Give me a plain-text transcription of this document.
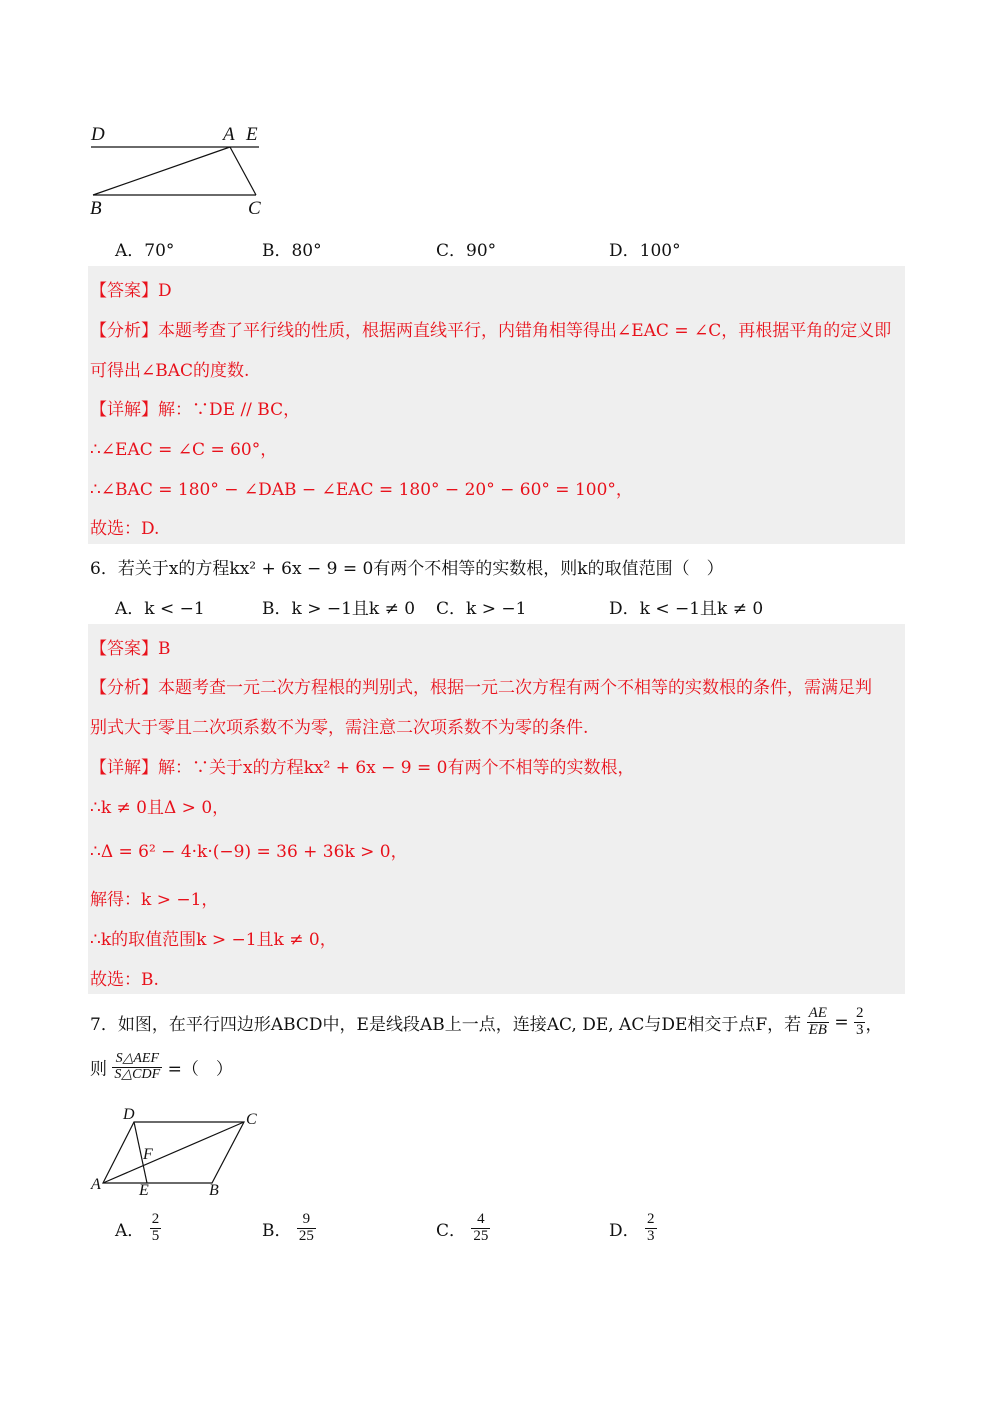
D	A E
B	C
A．70°	B．80°	C．90°	D．100°
【答案】D
【分析】本题考查了平行线的性质，根据两直线平行，内错角相等得出∠EAC = ∠C，再根据平角的定义即
可得出∠BAC的度数.
【详解】解：∵DE // BC，
∴∠EAC = ∠C = 60°，
∴∠BAC = 180° − ∠DAB − ∠EAC = 180° − 20° − 60° = 100°，
故选：D.
6．若关于x的方程kx² + 6x − 9 = 0有两个不相等的实数根，则k的取值范围（　）
A．k < −1	B．k > −1且k ≠ 0 C．k > −1	D．k < −1且k ≠ 0
【答案】B
【分析】本题考查一元二次方程根的判别式，根据一元二次方程有两个不相等的实数根的条件，需满足判
别式大于零且二次项系数不为零，需注意二次项系数不为零的条件.
【详解】解：∵关于x的方程kx² + 6x − 9 = 0有两个不相等的实数根，
∴k ≠ 0且Δ > 0，
∴Δ = 6² − 4·k·(−9) = 36 + 36k > 0，
解得：k > −1，
∴k的取值范围k > −1且k ≠ 0，
故选：B.
7．如图，在平行四边形ABCD中，E是线段AB上一点，连接AC, DE, AC与DE相交于点F，若 $\frac{AE}{EB} = \frac{2}{3}$ ，
则 $\frac{\text{S△AEF}}{\text{S△CDF}}$ =（　）
D	C
F
A E	B
A． $\frac{2}{5}$	B． $\frac{9}{25}$	C． $\frac{4}{25}$	D． $\frac{2}{3}$
